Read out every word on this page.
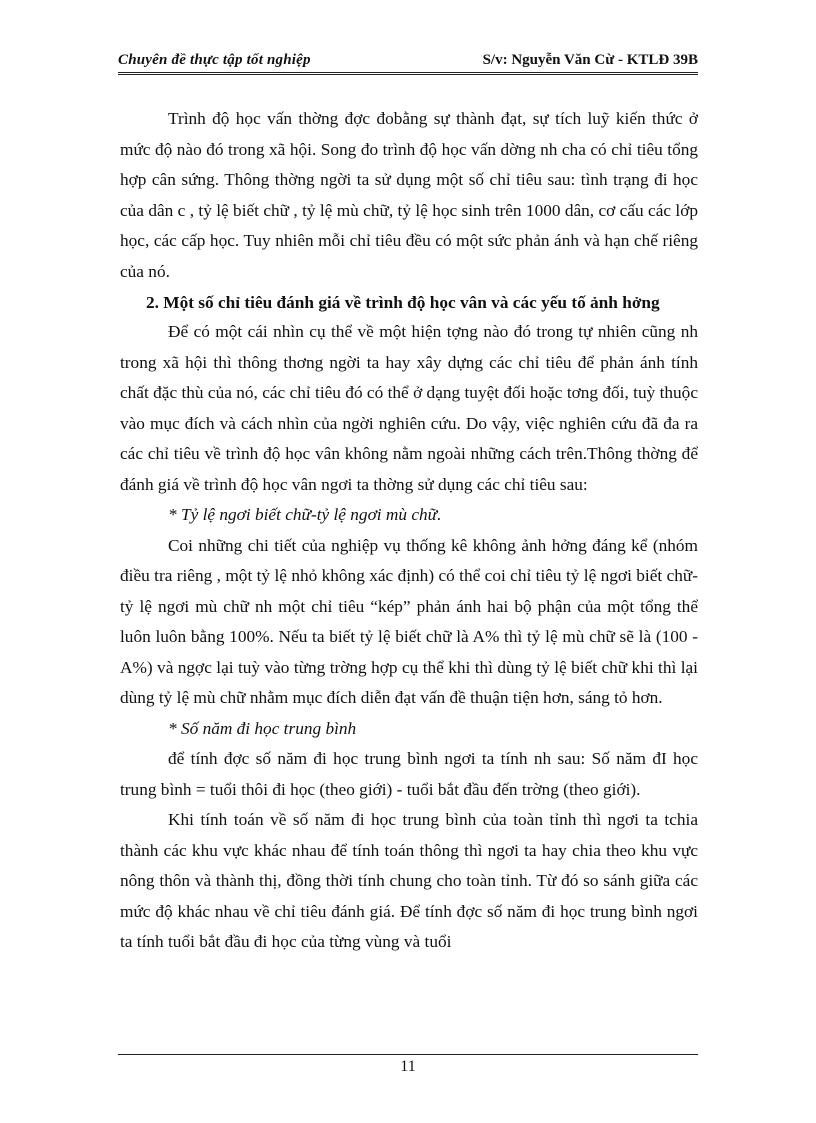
Chuyên đề thực tập tốt nghiệp	S/v: Nguyễn Văn Cừ - KTLĐ 39B

Trình độ học vấn thờng đợc đobằng sự thành đạt, sự tích luỹ kiến thức ở mức độ nào đó trong xã hội. Song đo trình độ học vấn dờng nh cha có chỉ tiêu tổng hợp cân sứng. Thông thờng ngời ta sử dụng một số chỉ tiêu sau: tình trạng đi học của dân c , tỷ lệ biết chữ , tỷ lệ mù chữ, tỷ lệ học sinh trên 1000 dân, cơ cấu các lớp học, các cấp học. Tuy nhiên mỗi chỉ tiêu đều có một sức phản ánh và hạn chế riêng của nó.

2. Một số chỉ tiêu đánh giá về trình độ học vân và các yếu tố ảnh hởng

Để có một cái nhìn cụ thể về một hiện tợng nào đó trong tự nhiên cũng nh trong xã hội thì thông thơng ngời ta hay xây dựng các chỉ tiêu để phản ánh tính chất đặc thù của nó, các chỉ tiêu đó có thể ở dạng tuyệt đối hoặc tơng đối, tuỳ thuộc vào mục đích và cách nhìn của ngời nghiên cứu. Do vậy, việc nghiên cứu đã đa ra các chỉ tiêu về trình độ học vân không nằm ngoài những cách trên.Thông thờng để đánh giá về trình độ học vân ngơi ta thờng sử dụng các chỉ tiêu sau:

* Tỷ lệ ngơi biết chữ-tỷ lệ ngơi mù chữ.

Coi những chi tiết của nghiệp vụ thống kê không ảnh hởng đáng kể (nhóm điều tra riêng , một tỷ lệ nhỏ không xác định) có thể coi chỉ tiêu tỷ lệ ngơi biết chữ-tỷ lệ ngơi mù chữ nh một chỉ tiêu “kép” phản ánh hai bộ phận của một tổng thể luôn luôn bằng 100%. Nếu ta biết tỷ lệ biết chữ là A% thì tỷ lệ mù chữ sẽ là (100 - A%) và ngợc lại tuỳ vào từng trờng hợp cụ thể khi thì dùng tỷ lệ biết chữ khi thì lại dùng tỷ lệ mù chữ nhằm mục đích diễn đạt vấn đề thuận tiện hơn, sáng tỏ hơn.

* Số năm đi học trung bình

để tính đợc số năm đi học trung bình ngơi ta tính nh sau: Số năm đI học trung bình = tuổi thôi đi học (theo giới) - tuổi bắt đầu đến trờng (theo giới).

Khi tính toán về số năm đi học trung bình của toàn tỉnh thì ngơi ta tchia thành các khu vực khác nhau để tính toán thông thì ngơi ta hay chia theo khu vực nông thôn và thành thị, đồng thời tính chung cho toàn tỉnh. Từ đó so sánh giữa các mức độ khác nhau về chỉ tiêu đánh giá. Để tính đợc số năm đi học trung bình ngơi ta tính tuổi bắt đầu đi học của từng vùng và tuổi

11
